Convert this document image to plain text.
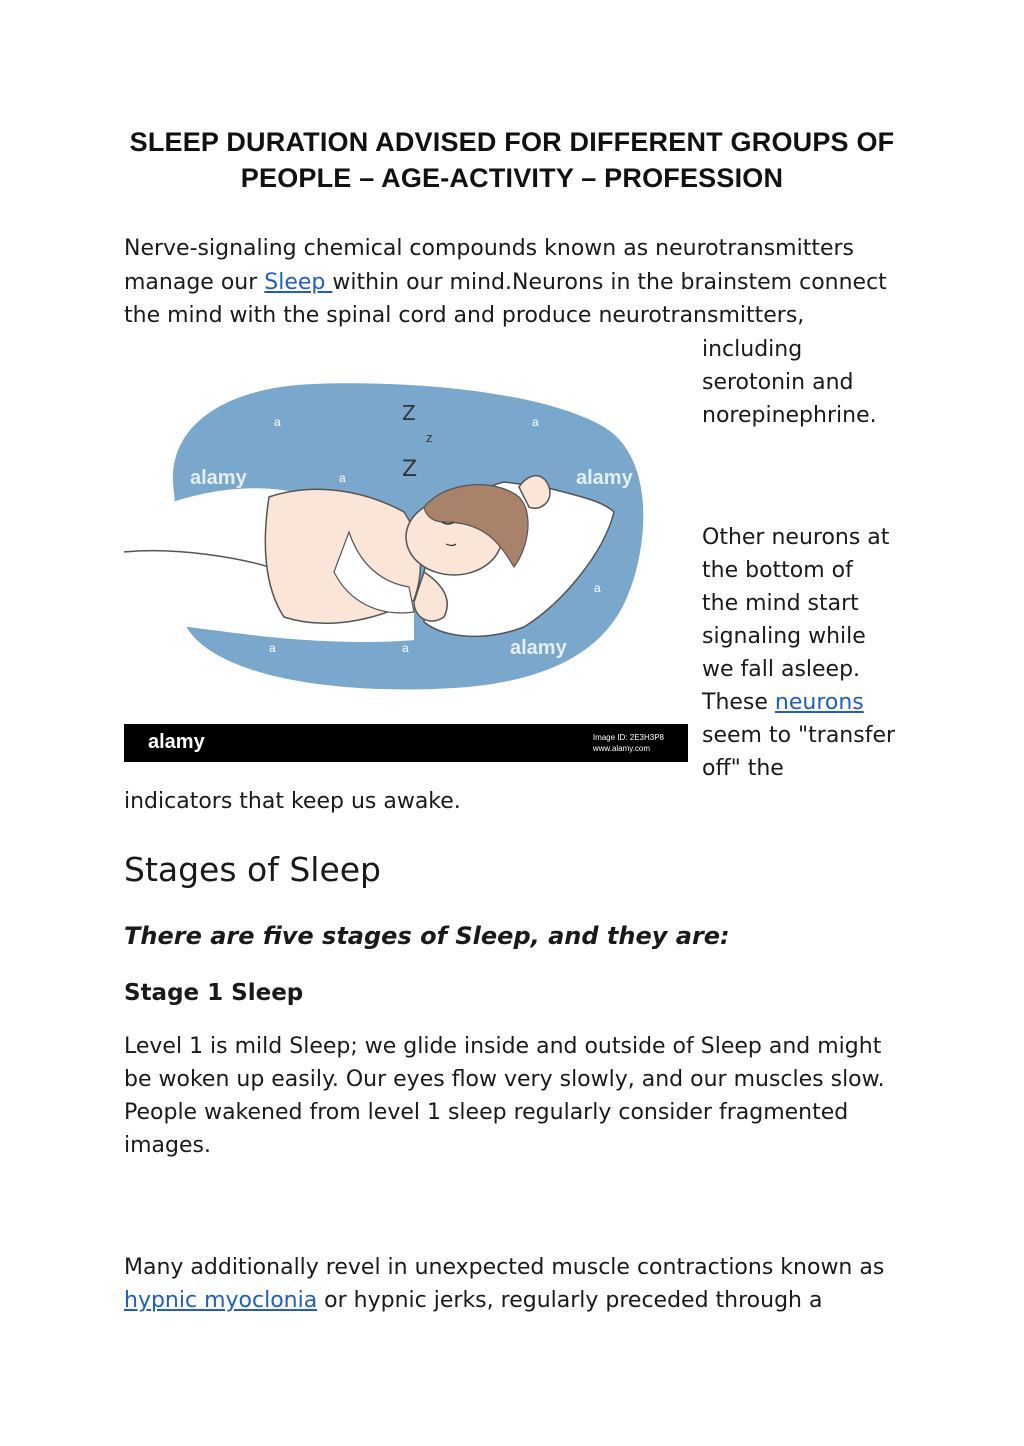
SLEEP DURATION ADVISED FOR DIFFERENT GROUPS OF
PEOPLE – AGE-ACTIVITY – PROFESSION
Nerve-signaling chemical compounds known as neurotransmitters
manage our Sleep within our mind.Neurons in the brainstem connect
the mind with the spinal cord and produce neurotransmitters,
including
serotonin and
norepinephrine.
Other neurons at
the bottom of
the mind start
signaling while
we fall asleep.
These neurons
seem to "transfer
off" the
indicators that keep us awake.
Z
z
Z
alamy	alamy
alamy
a	a
a
a
a	a
alamy	Image ID: 2E3H3P8
www.alamy.com
Stages of Sleep

There are five stages of Sleep, and they are:

Stage 1 Sleep
Level 1 is mild Sleep; we glide inside and outside of Sleep and might
be woken up easily. Our eyes flow very slowly, and our muscles slow.
People wakened from level 1 sleep regularly consider fragmented
images.
Many additionally revel in unexpected muscle contractions known as
hypnic myoclonia or hypnic jerks, regularly preceded through a
